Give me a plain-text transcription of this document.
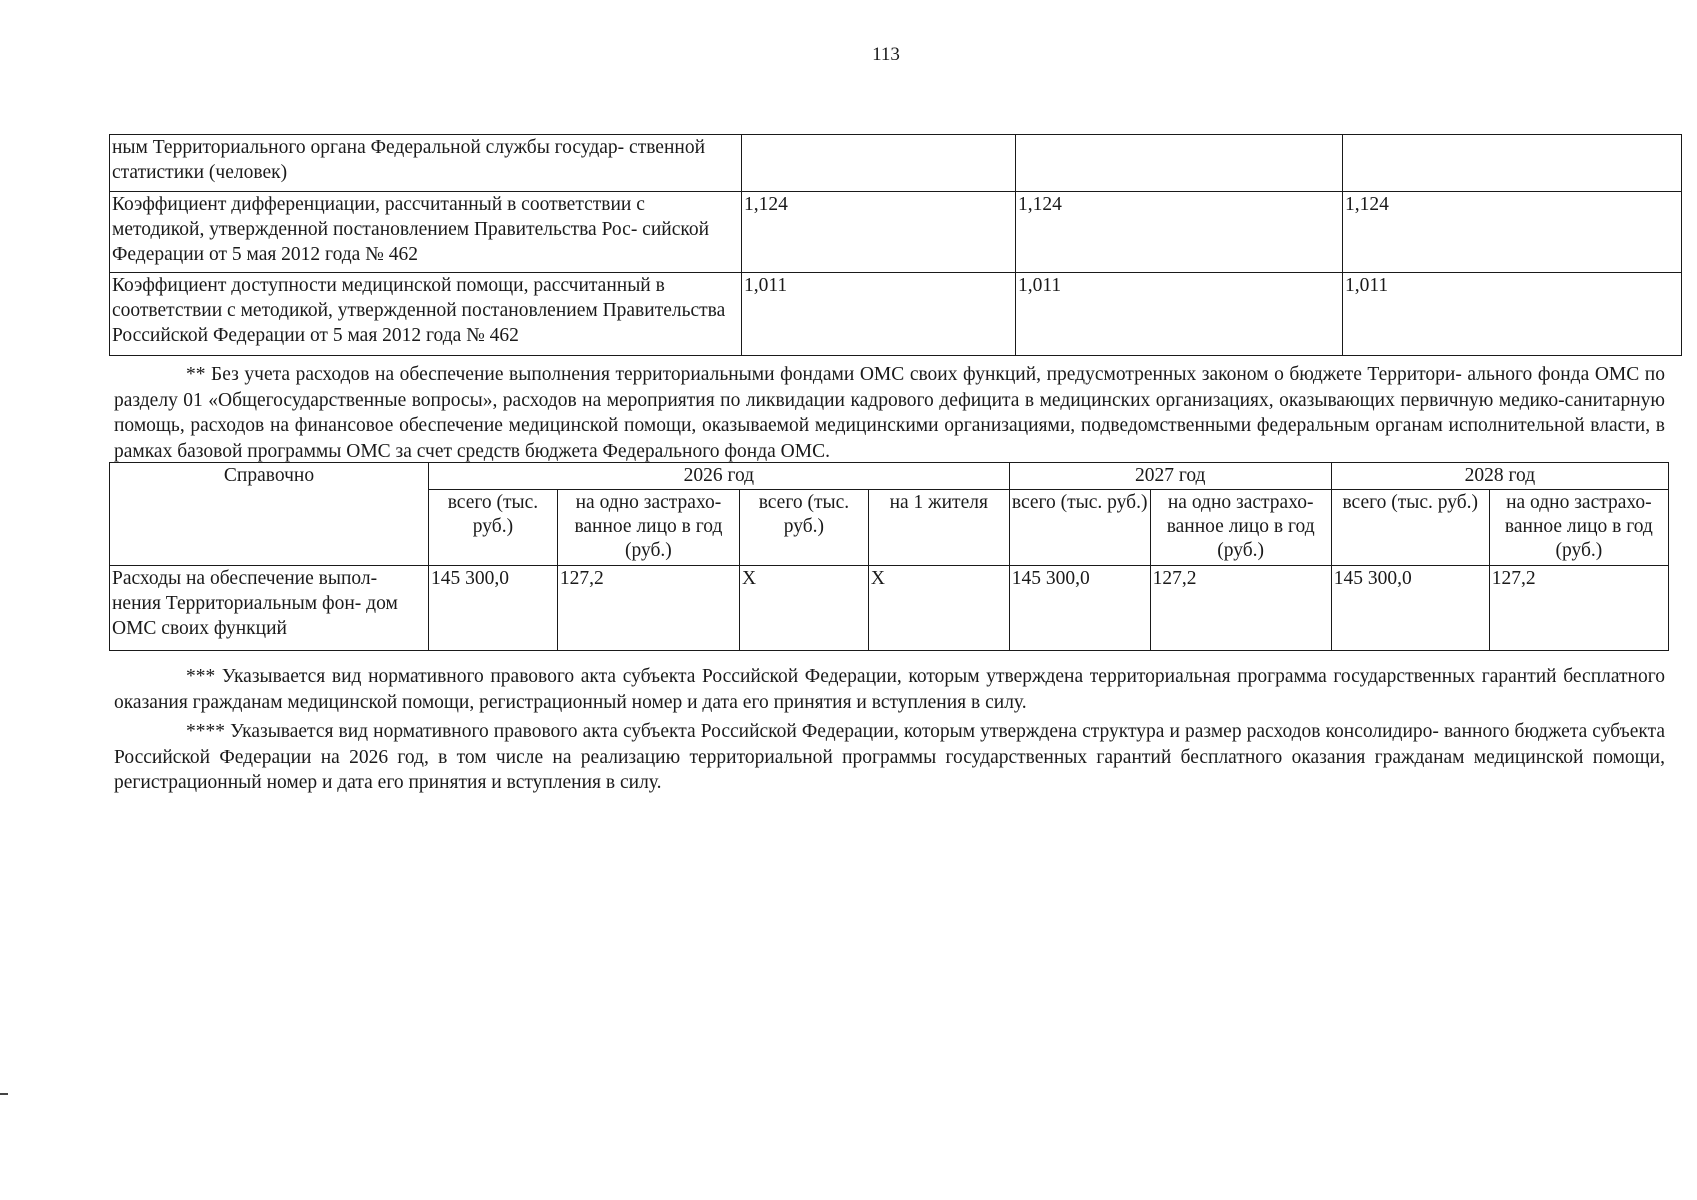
113
ным Территориального органа Федеральной службы государ- ственной статистики (человек)			
Коэффициент дифференциации, рассчитанный в соответствии с методикой, утвержденной постановлением Правительства Рос- сийской Федерации от 5 мая 2012 года № 462	1,124	1,124	1,124
Коэффициент доступности медицинской помощи, рассчитанный в соответствии с методикой, утвержденной постановлением Правительства Российской Федерации от 5 мая 2012 года № 462	1,011	1,011	1,011
** Без учета расходов на обеспечение выполнения территориальными фондами ОМС своих функций, предусмотренных законом о бюджете Территори- ального фонда ОМС по разделу 01 «Общегосударственные вопросы», расходов на мероприятия по ликвидации кадрового дефицита в медицинских организациях, оказывающих первичную медико-санитарную помощь, расходов на финансовое обеспечение медицинской помощи, оказываемой медицинскими организациями, подведомственными федеральным органам исполнительной власти, в рамках базовой программы ОМС за счет средств бюджета Федерального фонда ОМС.
Справочно	2026 год				2027 год		2028 год	
	всего (тыс. руб.)	на одно застрахо- ванное лицо в год (руб.)	всего (тыс. руб.)	на 1 жителя	всего (тыс. руб.)	на одно застрахо- ванное лицо в год (руб.)	всего (тыс. руб.)	на одно застрахо- ванное лицо в год (руб.)
Расходы на обеспечение выпол- нения Территориальным фон- дом ОМС своих функций	145 300,0	127,2	X	X	145 300,0	127,2	145 300,0	127,2
*** Указывается вид нормативного правового акта субъекта Российской Федерации, которым утверждена территориальная программа государственных гарантий бесплатного оказания гражданам медицинской помощи, регистрационный номер и дата его принятия и вступления в силу.
**** Указывается вид нормативного правового акта субъекта Российской Федерации, которым утверждена структура и размер расходов консолидиро- ванного бюджета субъекта Российской Федерации на 2026 год, в том числе на реализацию территориальной программы государственных гарантий бесплатного оказания гражданам медицинской помощи, регистрационный номер и дата его принятия и вступления в силу.
